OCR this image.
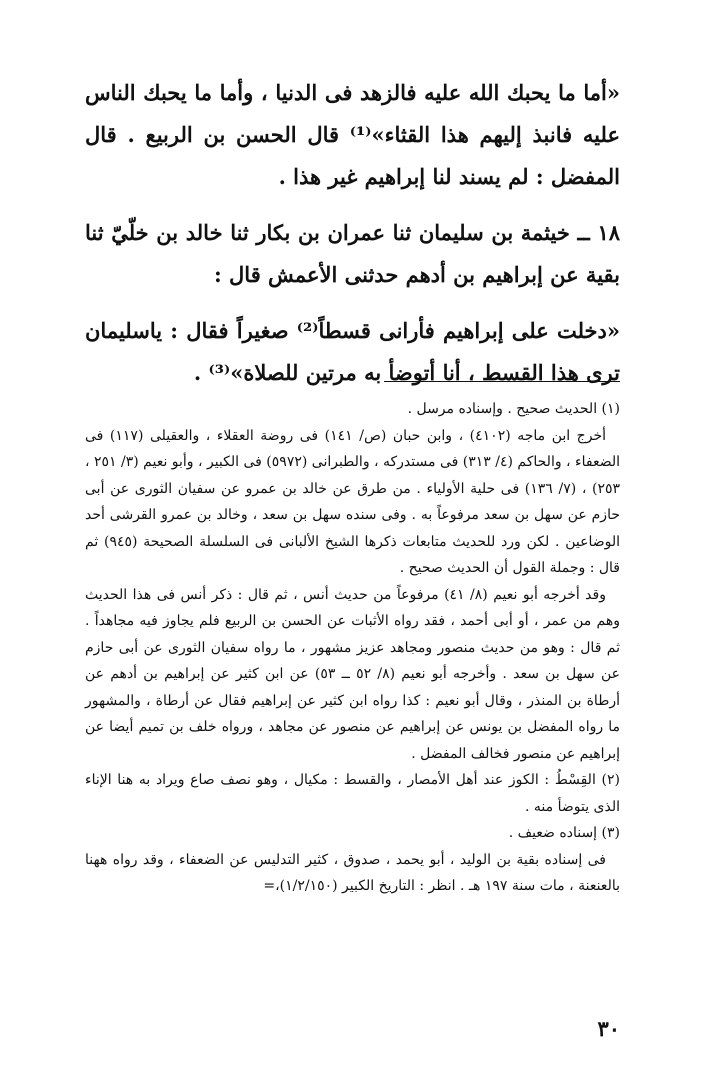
«أما ما يحبك الله عليه فالزهد فى الدنيا ، وأما ما يحبك الناس عليه فانبذ إليهم هذا القثاء»⁽¹⁾ قال الحسن بن الربيع . قال المفضل : لم يسند لنا إبراهيم غير هذا .

١٨ ــ خيثمة بن سليمان ثنا عمران بن بكار ثنا خالد بن خلّيّ ثنا بقية عن إبراهيم بن أدهم حدثنى الأعمش قال :

«دخلت على إبراهيم فأرانى قسطاً⁽²⁾ صغيراً فقال : ياسليمان ترى هذا القسط ، أنا أتوضأ به مرتين للصلاة»⁽³⁾ .

(١) الحديث صحيح . وإسناده مرسل .

أخرج ابن ماجه (٤١٠٢) ، وابن حبان (ص/ ١٤١) فى روضة العقلاء ، والعقيلى (١١٧) فى الضعفاء ، والحاكم (٤/ ٣١٣) فى مستدركه ، والطبرانى (٥٩٧٢) فى الكبير ، وأبو نعيم (٣/ ٢٥١ ، ٢٥٣) ، (٧/ ١٣٦) فى حلية الأولياء . من طرق عن خالد بن عمرو عن سفيان الثورى عن أبى حازم عن سهل بن سعد مرفوعاً به . وفى سنده سهل بن سعد ، وخالد بن عمرو القرشى أحد الوضاعين . لكن ورد للحديث متابعات ذكرها الشيخ الألبانى فى السلسلة الصحيحة (٩٤٥) ثم قال : وجملة القول أن الحديث صحيح .

وقد أخرجه أبو نعيم (٨/ ٤١) مرفوعاً من حديث أنس ، ثم قال : ذكر أنس فى هذا الحديث وهم من عمر ، أو أبى أحمد ، فقد رواه الأثبات عن الحسن بن الربيع فلم يجاوز فيه مجاهداً . ثم قال : وهو من حديث منصور ومجاهد عزيز مشهور ، ما رواه سفيان الثورى عن أبى حازم عن سهل بن سعد . وأخرجه أبو نعيم (٨/ ٥٢ ــ ٥٣) عن ابن كثير عن إبراهيم بن أدهم عن أرطاة بن المنذر ، وقال أبو نعيم : كذا رواه ابن كثير عن إبراهيم فقال عن أرطاة ، والمشهور ما رواه المفضل بن يونس عن إبراهيم عن منصور عن مجاهد ، ورواه خلف بن تميم أيضا عن إبراهيم عن منصور فخالف المفضل .

(٢) القِسْطُ : الكوز عند أهل الأمصار ، والقسط : مكيال ، وهو نصف صاع ويراد به هنا الإناء الذى يتوضأ منه .

(٣) إسناده ضعيف .

فى إسناده بقية بن الوليد ، أبو يحمد ، صدوق ، كثير التدليس عن الضعفاء ، وقد رواه ههنا بالعنعنة ، مات سنة ١٩٧ هـ . انظر : التاريخ الكبير (١/٢/١٥٠)،=

٣٠
